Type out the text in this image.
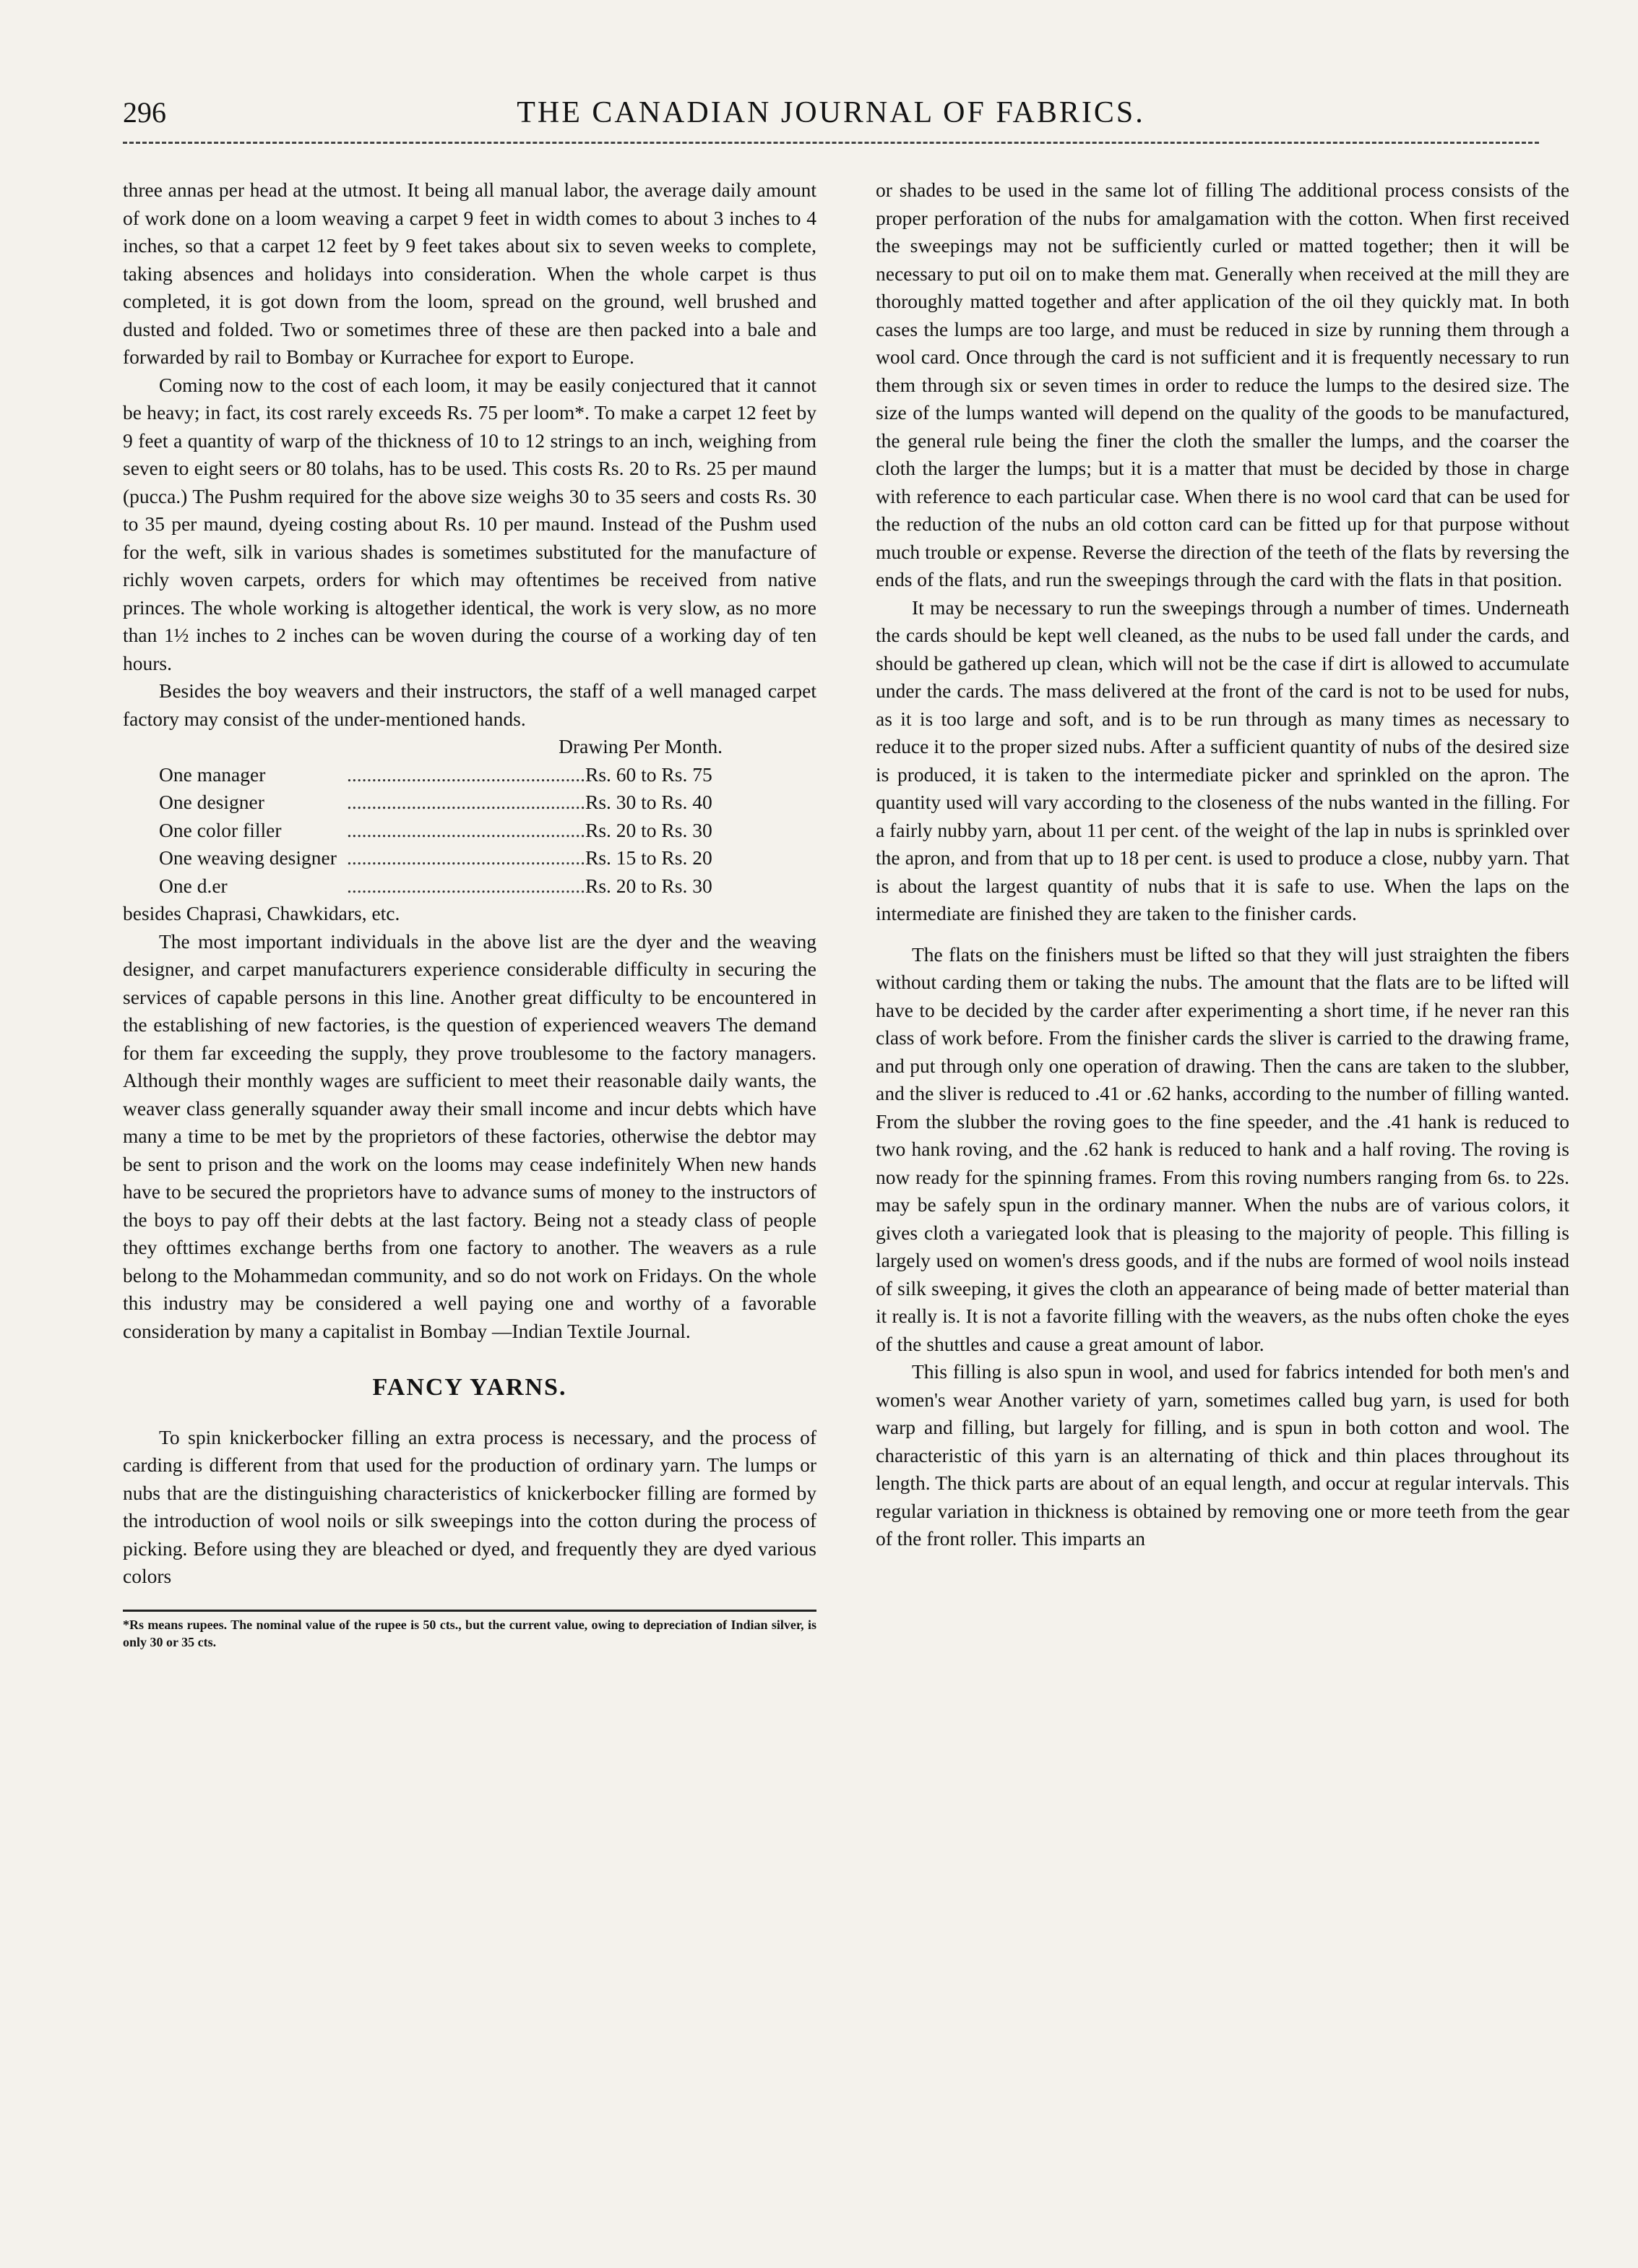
296	THE CANADIAN JOURNAL OF FABRICS.

three annas per head at the utmost. It being all manual labor, the average daily amount of work done on a loom weaving a carpet 9 feet in width comes to about 3 inches to 4 inches, so that a carpet 12 feet by 9 feet takes about six to seven weeks to complete, taking absences and holidays into consideration. When the whole carpet is thus completed, it is got down from the loom, spread on the ground, well brushed and dusted and folded. Two or sometimes three of these are then packed into a bale and forwarded by rail to Bombay or Kurrachee for export to Europe.

Coming now to the cost of each loom, it may be easily conjectured that it cannot be heavy; in fact, its cost rarely exceeds Rs. 75 per loom*. To make a carpet 12 feet by 9 feet a quantity of warp of the thickness of 10 to 12 strings to an inch, weighing from seven to eight seers or 80 tolahs, has to be used. This costs Rs. 20 to Rs. 25 per maund (pucca.) The Pushm required for the above size weighs 30 to 35 seers and costs Rs. 30 to 35 per maund, dyeing costing about Rs. 10 per maund. Instead of the Pushm used for the weft, silk in various shades is sometimes substituted for the manufacture of richly woven carpets, orders for which may oftentimes be received from native princes. The whole working is altogether identical, the work is very slow, as no more than 1½ inches to 2 inches can be woven during the course of a working day of ten hours.

Besides the boy weavers and their instructors, the staff of a well managed carpet factory may consist of the under-mentioned hands.

Drawing Per Month.
One manager	................................................	Rs. 60 to Rs. 75
One designer	................................................	Rs. 30 to Rs. 40
One color filler	................................................	Rs. 20 to Rs. 30
One weaving designer	................................................	Rs. 15 to Rs. 20
One d.er	................................................	Rs. 20 to Rs. 30

besides Chaprasi, Chawkidars, etc.

The most important individuals in the above list are the dyer and the weaving designer, and carpet manufacturers experience considerable difficulty in securing the services of capable persons in this line. Another great difficulty to be encountered in the establishing of new factories, is the question of experienced weavers The demand for them far exceeding the supply, they prove troublesome to the factory managers. Although their monthly wages are sufficient to meet their reasonable daily wants, the weaver class generally squander away their small income and incur debts which have many a time to be met by the proprietors of these factories, otherwise the debtor may be sent to prison and the work on the looms may cease indefinitely When new hands have to be secured the proprietors have to advance sums of money to the instructors of the boys to pay off their debts at the last factory. Being not a steady class of people they ofttimes exchange berths from one factory to another. The weavers as a rule belong to the Mohammedan community, and so do not work on Fridays. On the whole this industry may be considered a well paying one and worthy of a favorable consideration by many a capitalist in Bombay —Indian Textile Journal.

FANCY YARNS.

To spin knickerbocker filling an extra process is necessary, and the process of carding is different from that used for the production of ordinary yarn. The lumps or nubs that are the distinguishing characteristics of knickerbocker filling are formed by the introduction of wool noils or silk sweepings into the cotton during the process of picking. Before using they are bleached or dyed, and frequently they are dyed various colors

*Rs means rupees. The nominal value of the rupee is 50 cts., but the current value, owing to depreciation of Indian silver, is only 30 or 35 cts.

or shades to be used in the same lot of filling The additional process consists of the proper perforation of the nubs for amalgamation with the cotton. When first received the sweepings may not be sufficiently curled or matted together; then it will be necessary to put oil on to make them mat. Generally when received at the mill they are thoroughly matted together and after application of the oil they quickly mat. In both cases the lumps are too large, and must be reduced in size by running them through a wool card. Once through the card is not sufficient and it is frequently necessary to run them through six or seven times in order to reduce the lumps to the desired size. The size of the lumps wanted will depend on the quality of the goods to be manufactured, the general rule being the finer the cloth the smaller the lumps, and the coarser the cloth the larger the lumps; but it is a matter that must be decided by those in charge with reference to each particular case. When there is no wool card that can be used for the reduction of the nubs an old cotton card can be fitted up for that purpose without much trouble or expense. Reverse the direction of the teeth of the flats by reversing the ends of the flats, and run the sweepings through the card with the flats in that position.

It may be necessary to run the sweepings through a number of times. Underneath the cards should be kept well cleaned, as the nubs to be used fall under the cards, and should be gathered up clean, which will not be the case if dirt is allowed to accumulate under the cards. The mass delivered at the front of the card is not to be used for nubs, as it is too large and soft, and is to be run through as many times as necessary to reduce it to the proper sized nubs. After a sufficient quantity of nubs of the desired size is produced, it is taken to the intermediate picker and sprinkled on the apron. The quantity used will vary according to the closeness of the nubs wanted in the filling. For a fairly nubby yarn, about 11 per cent. of the weight of the lap in nubs is sprinkled over the apron, and from that up to 18 per cent. is used to produce a close, nubby yarn. That is about the largest quantity of nubs that it is safe to use. When the laps on the intermediate are finished they are taken to the finisher cards.

The flats on the finishers must be lifted so that they will just straighten the fibers without carding them or taking the nubs. The amount that the flats are to be lifted will have to be decided by the carder after experimenting a short time, if he never ran this class of work before. From the finisher cards the sliver is carried to the drawing frame, and put through only one operation of drawing. Then the cans are taken to the slubber, and the sliver is reduced to .41 or .62 hanks, according to the number of filling wanted. From the slubber the roving goes to the fine speeder, and the .41 hank is reduced to two hank roving, and the .62 hank is reduced to hank and a half roving. The roving is now ready for the spinning frames. From this roving numbers ranging from 6s. to 22s. may be safely spun in the ordinary manner. When the nubs are of various colors, it gives cloth a variegated look that is pleasing to the majority of people. This filling is largely used on women's dress goods, and if the nubs are formed of wool noils instead of silk sweeping, it gives the cloth an appearance of being made of better material than it really is. It is not a favorite filling with the weavers, as the nubs often choke the eyes of the shuttles and cause a great amount of labor.

This filling is also spun in wool, and used for fabrics intended for both men's and women's wear Another variety of yarn, sometimes called bug yarn, is used for both warp and filling, but largely for filling, and is spun in both cotton and wool. The characteristic of this yarn is an alternating of thick and thin places throughout its length. The thick parts are about of an equal length, and occur at regular intervals. This regular variation in thickness is obtained by removing one or more teeth from the gear of the front roller. This imparts an
